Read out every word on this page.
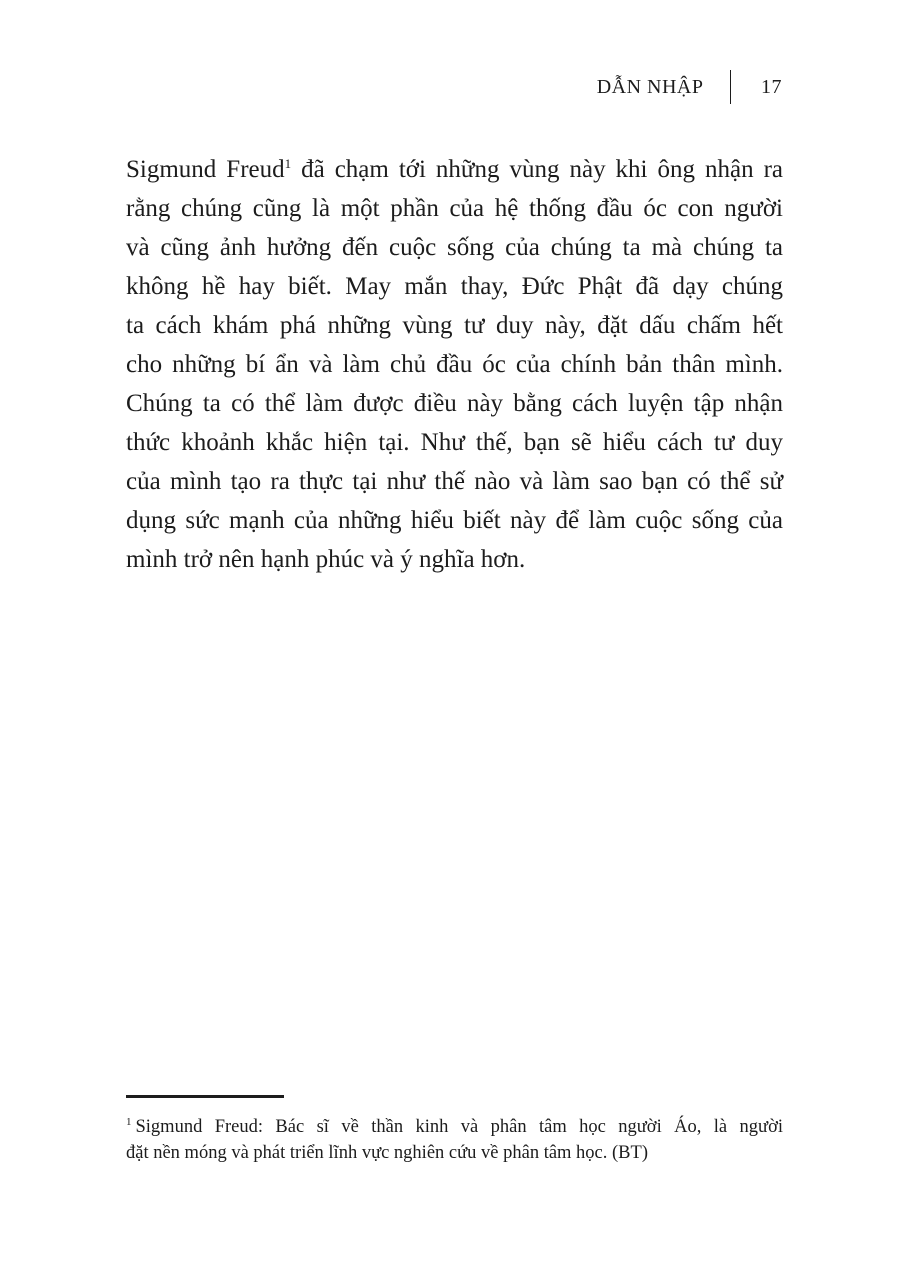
DẪN NHẬP	17
Sigmund Freud$^1$ đã chạm tới những vùng này khi ông nhận ra
rằng chúng cũng là một phần của hệ thống đầu óc con người
và cũng ảnh hưởng đến cuộc sống của chúng ta mà chúng ta
không hề hay biết. May mắn thay, Đức Phật đã dạy chúng
ta cách khám phá những vùng tư duy này, đặt dấu chấm hết
cho những bí ẩn và làm chủ đầu óc của chính bản thân mình.
Chúng ta có thể làm được điều này bằng cách luyện tập nhận
thức khoảnh khắc hiện tại. Như thế, bạn sẽ hiểu cách tư duy
của mình tạo ra thực tại như thế nào và làm sao bạn có thể sử
dụng sức mạnh của những hiểu biết này để làm cuộc sống của
mình trở nên hạnh phúc và ý nghĩa hơn.
$^1$ Sigmund Freud: Bác sĩ về thần kinh và phân tâm học người Áo, là người
đặt nền móng và phát triển lĩnh vực nghiên cứu về phân tâm học. (BT)
